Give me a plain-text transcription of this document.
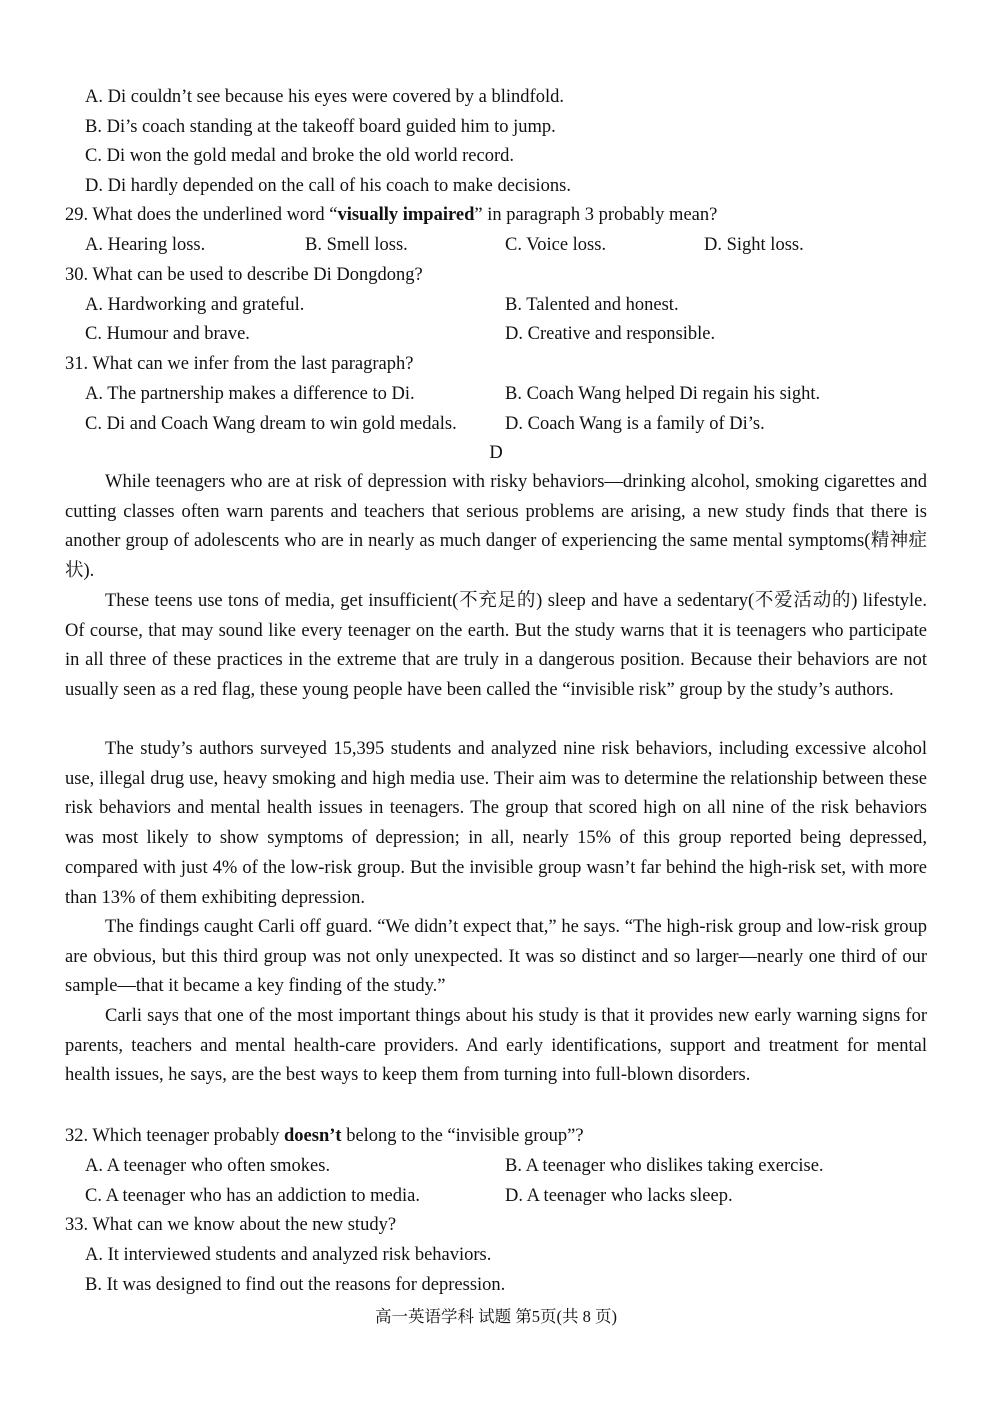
A. Di couldn’t see because his eyes were covered by a blindfold.
B. Di’s coach standing at the takeoff board guided him to jump.
C. Di won the gold medal and broke the old world record.
D. Di hardly depended on the call of his coach to make decisions.
29. What does the underlined word “visually impaired” in paragraph 3 probably mean?
A. Hearing loss.	B. Smell loss.	C. Voice loss.	D. Sight loss.
30. What can be used to describe Di Dongdong?
A. Hardworking and grateful.	B. Talented and honest.
C. Humour and brave.	D. Creative and responsible.
31. What can we infer from the last paragraph?
A. The partnership makes a difference to Di.	B. Coach Wang helped Di regain his sight.
C. Di and Coach Wang dream to win gold medals.	D. Coach Wang is a family of Di’s.
D

While teenagers who are at risk of depression with risky behaviors—drinking alcohol, smoking cigarettes and cutting classes often warn parents and teachers that serious problems are arising, a new study finds that there is another group of adolescents who are in nearly as much danger of experiencing the same mental symptoms(精神症状).

These teens use tons of media, get insufficient(不充足的) sleep and have a sedentary(不爱活动的) lifestyle. Of course, that may sound like every teenager on the earth. But the study warns that it is teenagers who participate in all three of these practices in the extreme that are truly in a dangerous position. Because their behaviors are not usually seen as a red flag, these young people have been called the “invisible risk” group by the study’s authors.

The study’s authors surveyed 15,395 students and analyzed nine risk behaviors, including excessive alcohol use, illegal drug use, heavy smoking and high media use. Their aim was to determine the relationship between these risk behaviors and mental health issues in teenagers. The group that scored high on all nine of the risk behaviors was most likely to show symptoms of depression; in all, nearly 15% of this group reported being depressed, compared with just 4% of the low-risk group. But the invisible group wasn’t far behind the high-risk set, with more than 13% of them exhibiting depression.

The findings caught Carli off guard. “We didn’t expect that,” he says. “The high-risk group and low-risk group are obvious, but this third group was not only unexpected. It was so distinct and so larger—nearly one third of our sample—that it became a key finding of the study.”

Carli says that one of the most important things about his study is that it provides new early warning signs for parents, teachers and mental health-care providers. And early identifications, support and treatment for mental health issues, he says, are the best ways to keep them from turning into full-blown disorders.

32. Which teenager probably doesn’t belong to the “invisible group”?
A. A teenager who often smokes.	B. A teenager who dislikes taking exercise.
C. A teenager who has an addiction to media.	D. A teenager who lacks sleep.
33. What can we know about the new study?
A. It interviewed students and analyzed risk behaviors.
B. It was designed to find out the reasons for depression.
高一英语学科 试题 第5页(共 8 页)
